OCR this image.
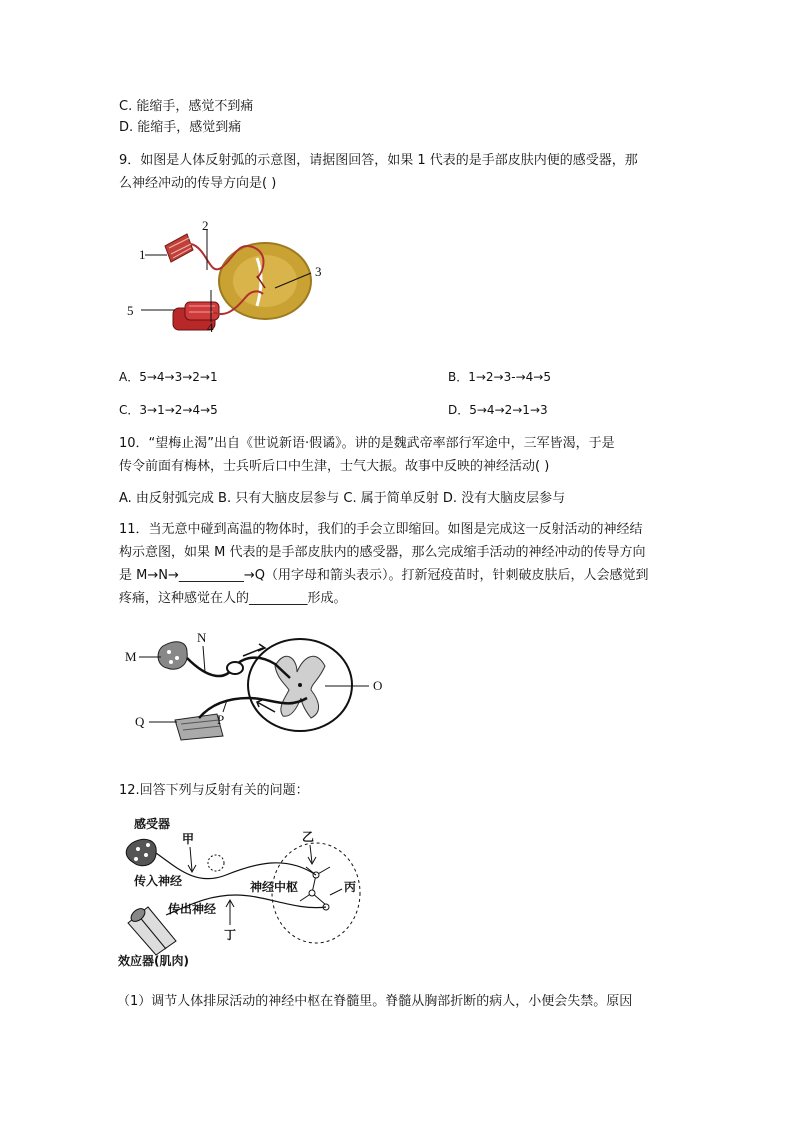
C. 能缩手，感觉不到痛
D. 能缩手，感觉到痛
9．如图是人体反射弧的示意图，请据图回答，如果 1 代表的是手部皮肤内便的感受器，那
么神经冲动的传导方向是( )
1
2
3
4
5
A．5→4→3→2→1	B．1→2→3-→4→5
C．3→1→2→4→5	D．5→4→2→1→3
10．“望梅止渴”出自《世说新语·假谲》。讲的是魏武帝率部行军途中，三军皆渴，于是
传令前面有梅林，士兵听后口中生津，士气大振。故事中反映的神经活动( )
A. 由反射弧完成 B. 只有大脑皮层参与 C. 属于简单反射 D. 没有大脑皮层参与
11．当无意中碰到高温的物体时，我们的手会立即缩回。如图是完成这一反射活动的神经结
构示意图，如果 M 代表的是手部皮肤内的感受器，那么完成缩手活动的神经冲动的传导方向
是 M→N→__________→Q（用字母和箭头表示）。打新冠疫苗时，针刺破皮肤后，人会感觉到
疼痛，这种感觉在人的_________形成。
M
N
O
P
Q
12.回答下列与反射有关的问题：
感受器
甲
传入神经
乙
神经中枢	丙
传出神经
丁
效应器(肌肉)
（1）调节人体排尿活动的神经中枢在脊髓里。脊髓从胸部折断的病人，小便会失禁。原因
